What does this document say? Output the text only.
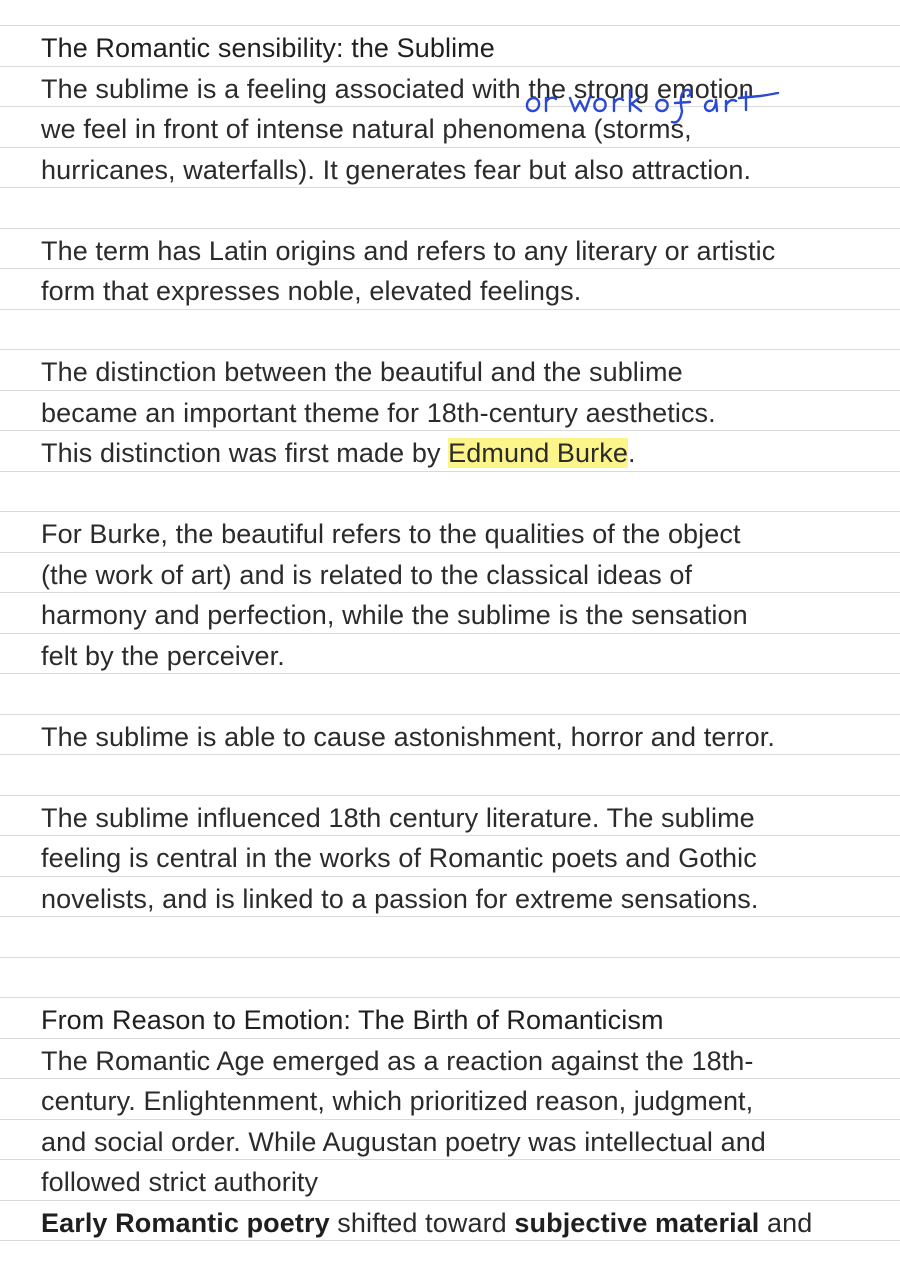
The Romantic sensibility: the Sublime
The sublime is a feeling associated with the strong emotion
we feel in front of intense natural phenomena (storms,
hurricanes, waterfalls). It generates fear but also attraction.
The term has Latin origins and refers to any literary or artistic
form that expresses noble, elevated feelings.
The distinction between the beautiful and the sublime
became an important theme for 18th-century aesthetics.
This distinction was first made by Edmund Burke.
For Burke, the beautiful refers to the qualities of the object
(the work of art) and is related to the classical ideas of
harmony and perfection, while the sublime is the sensation
felt by the perceiver.
The sublime is able to cause astonishment, horror and terror.
The sublime influenced 18th century literature. The sublime
feeling is central in the works of Romantic poets and Gothic
novelists, and is linked to a passion for extreme sensations.
From Reason to Emotion: The Birth of Romanticism
The Romantic Age emerged as a reaction against the 18th-
century. Enlightenment, which prioritized reason, judgment,
and social order. While Augustan poetry was intellectual and
followed strict authority
Early Romantic poetry shifted toward subjective material and
